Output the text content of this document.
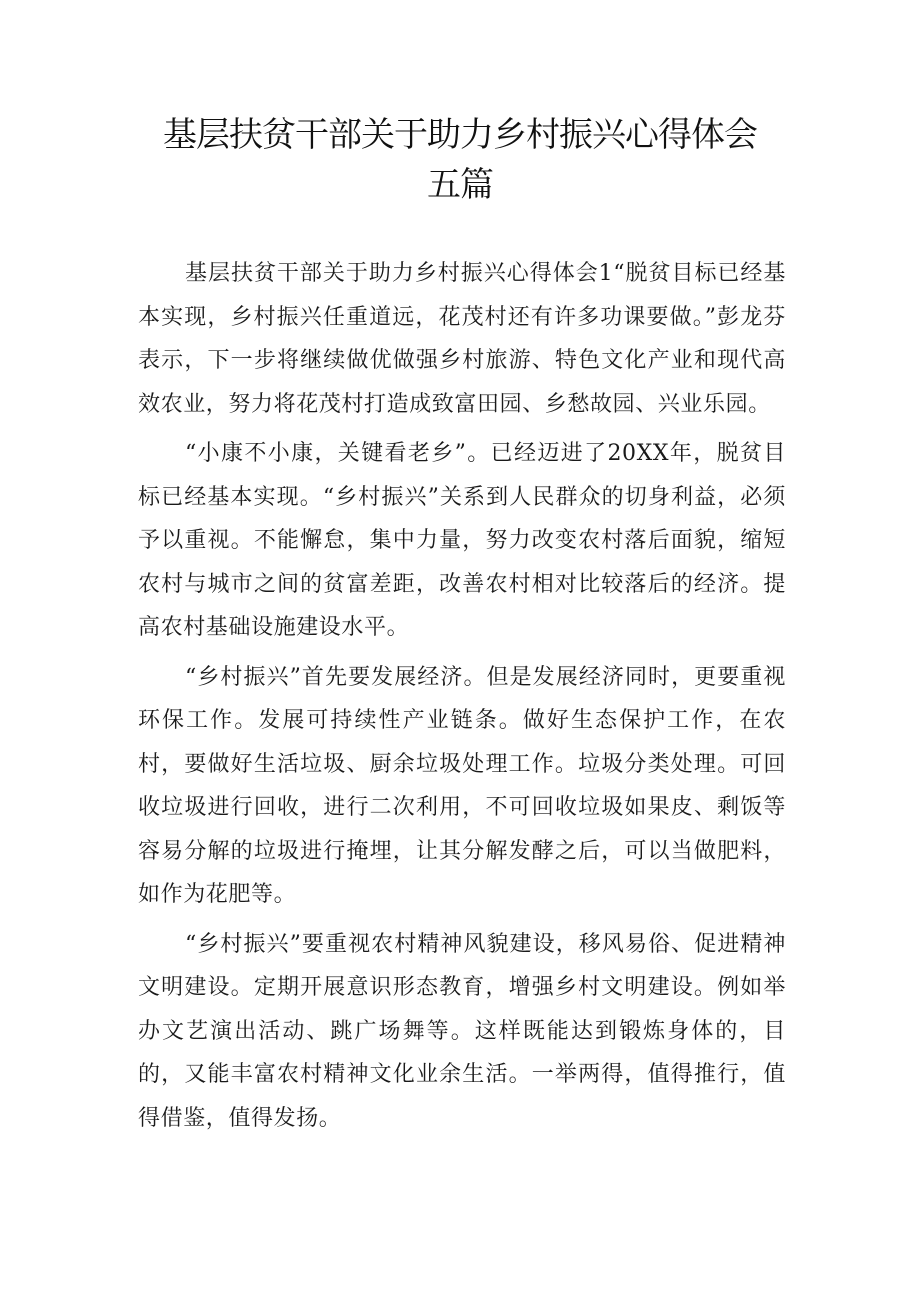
基层扶贫干部关于助力乡村振兴心得体会
五篇

基层扶贫干部关于助力乡村振兴心得体会1“脱贫目标已经基本实现，乡村振兴任重道远，花茂村还有许多功课要做。”彭龙芬表示，下一步将继续做优做强乡村旅游、特色文化产业和现代高效农业，努力将花茂村打造成致富田园、乡愁故园、兴业乐园。

“小康不小康，关键看老乡”。已经迈进了20XX年，脱贫目标已经基本实现。“乡村振兴”关系到人民群众的切身利益，必须予以重视。不能懈怠，集中力量，努力改变农村落后面貌，缩短农村与城市之间的贫富差距，改善农村相对比较落后的经济。提高农村基础设施建设水平。

“乡村振兴”首先要发展经济。但是发展经济同时，更要重视环保工作。发展可持续性产业链条。做好生态保护工作，在农村，要做好生活垃圾、厨余垃圾处理工作。垃圾分类处理。可回收垃圾进行回收，进行二次利用，不可回收垃圾如果皮、剩饭等容易分解的垃圾进行掩埋，让其分解发酵之后，可以当做肥料，如作为花肥等。

“乡村振兴”要重视农村精神风貌建设，移风易俗、促进精神文明建设。定期开展意识形态教育，增强乡村文明建设。例如举办文艺演出活动、跳广场舞等。这样既能达到锻炼身体的，目的，又能丰富农村精神文化业余生活。一举两得，值得推行，值得借鉴，值得发扬。
